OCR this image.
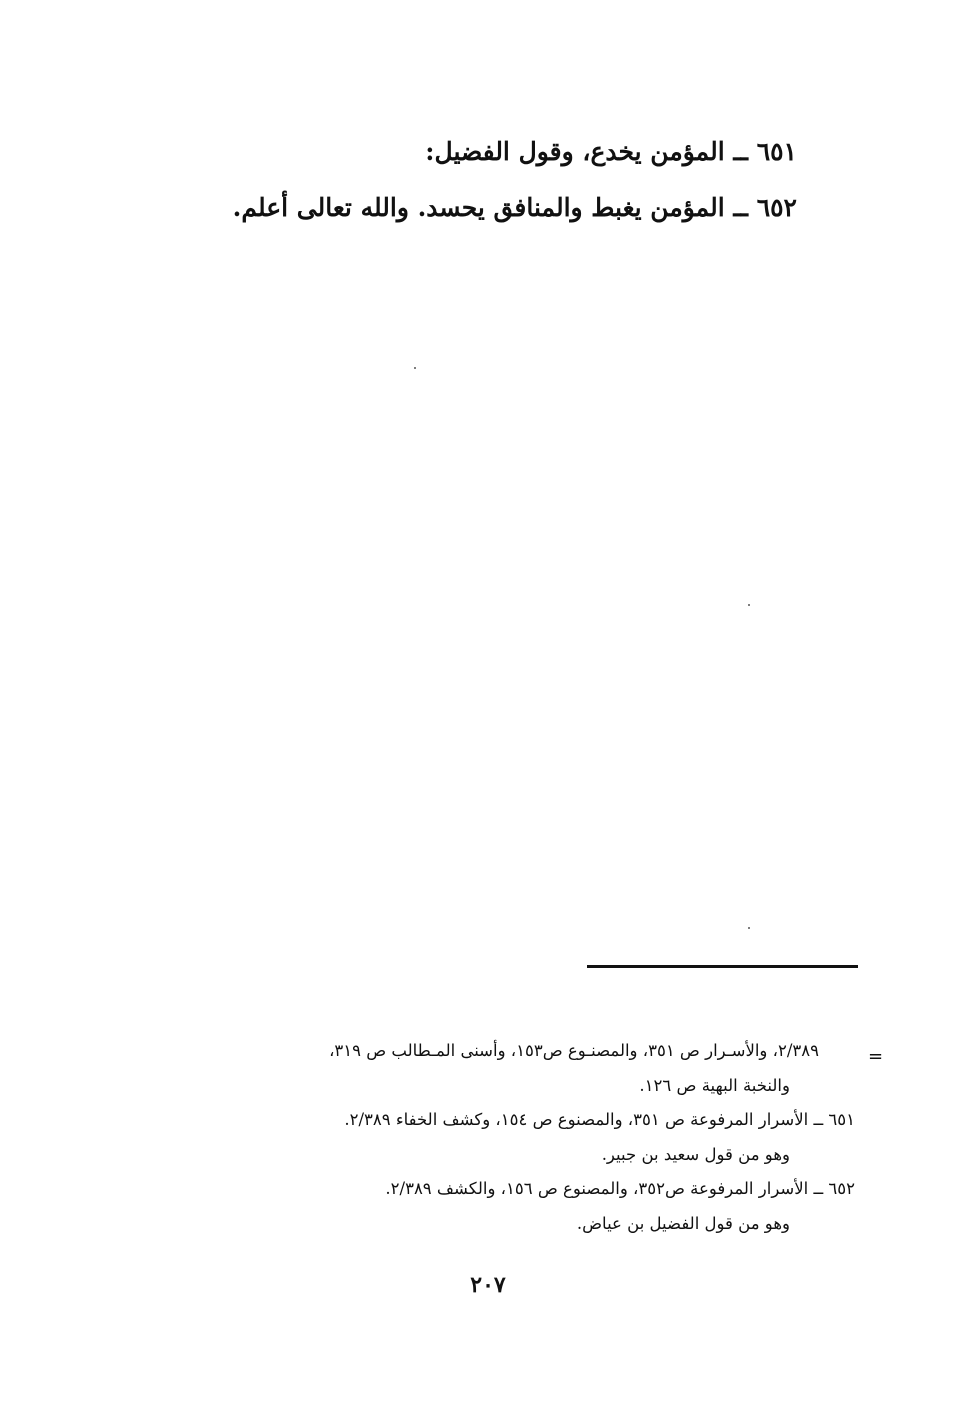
٦٥١ ــ المؤمن يخدع، وقول الفضيل:
٦٥٢ ــ المؤمن يغبط والمنافق يحسد. والله تعالى أعلم.
=
٢/٣٨٩، والأسـرار ص ٣٥١، والمصنـوع ص١٥٣، وأسنى المـطالب ص ٣١٩،
والنخبة البهية ص ١٢٦.
٦٥١ ــ الأسرار المرفوعة ص ٣٥١، والمصنوع ص ١٥٤، وكشف الخفاء ٢/٣٨٩.
وهو من قول سعيد بن جبير.
٦٥٢ ــ الأسرار المرفوعة ص٣٥٢، والمصنوع ص ١٥٦، والكشف ٢/٣٨٩.
وهو من قول الفضيل بن عياض.
٢٠٧
